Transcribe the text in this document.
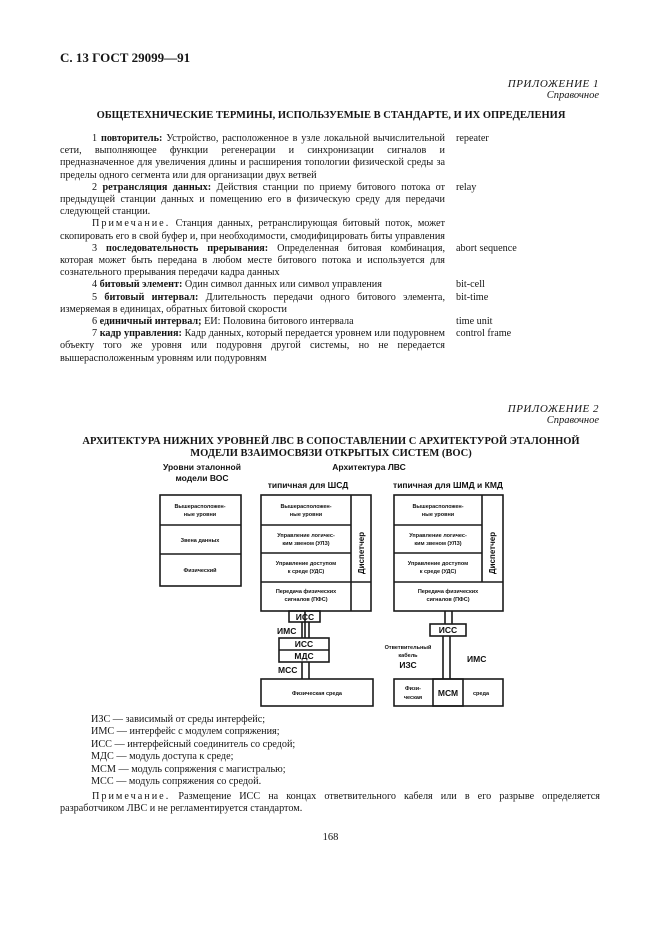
С. 13 ГОСТ 29099—91
ПРИЛОЖЕНИЕ 1
Справочное
ОБЩЕТЕХНИЧЕСКИЕ ТЕРМИНЫ, ИСПОЛЬЗУЕМЫЕ В СТАНДАРТЕ, И ИХ ОПРЕДЕЛЕНИЯ
1 повторитель: Устройство, расположенное в узле локальной вычислительной сети, выполняющее функции регенерации и синхронизации сигналов и предназначенное для увеличения длины и расширения топологии физической среды за пределы одного сегмента или для организации двух ветвей
repeater
2 ретрансляция данных: Действия станции по приему битового потока от предыдущей станции данных и помещению его в физическую среду для передачи следующей станции.
relay
Примечание. Станция данных, ретранслирующая битовый поток, может скопировать его в свой буфер и, при необходимости, смодифицировать биты управления
3 последовательность прерывания: Определенная битовая комбинация, которая может быть передана в любом месте битового потока и используется для сознательного прерывания передачи кадра данных
abort sequence
4 битовый элемент: Один символ данных или символ управления	bit-cell
5 битовый интервал: Длительность передачи одного битового элемента, измеряемая в единицах, обратных битовой скорости
bit-time
6 единичный интервал; ЕИ: Половина битового интервала	time unit
7 кадр управления: Кадр данных, который передается уровнем или подуровнем объекту того же уровня или подуровня другой системы, но не передается вышерасположенным уровням или подуровням
control frame
ПРИЛОЖЕНИЕ 2
Справочное
АРХИТЕКТУРА НИЖНИХ УРОВНЕЙ ЛВС В СОПОСТАВЛЕНИИ С АРХИТЕКТУРОЙ ЭТАЛОННОЙ
МОДЕЛИ ВЗАИМОСВЯЗИ ОТКРЫТЫХ СИСТЕМ (ВОС)
Уровни эталонной
модели ВОС
Архитектура ЛВС
типичная для ШСД	типичная для ШМД и КМД
Вышерасположен-
ные уровни
Звена данных
Физический
Вышерасположен-
ные уровни
Управление логичес-
ким звеном (УЛЗ)
Управление доступом
к среде (УДС)
Передача физических
сигналов (ПФС)
Вышерасположен-
ные уровни
Управление логичес-
ким звеном (УЛЗ)
Управление доступом
к среде (УДС)
Передача физических
сигналов (ПФС)
Диспетчер	Диспетчер
ИСС
ИМС
ИСС
МДС
МСС
ИСС
ИМС
ИЗС
МСМ
Физическая среда
Ответвительный
кабель
Физи-
ческая
среда
ИЗС — зависимый от среды интерфейс;
ИМС — интерфейс с модулем сопряжения;
ИСС — интерфейсный соединитель со средой;
МДС — модуль доступа к среде;
МСМ — модуль сопряжения с магистралью;
МСС — модуль сопряжения со средой.
Примечание. Размещение ИСС на концах ответвительного кабеля или в его разрыве определяется разработчиком ЛВС и не регламентируется стандартом.
168
